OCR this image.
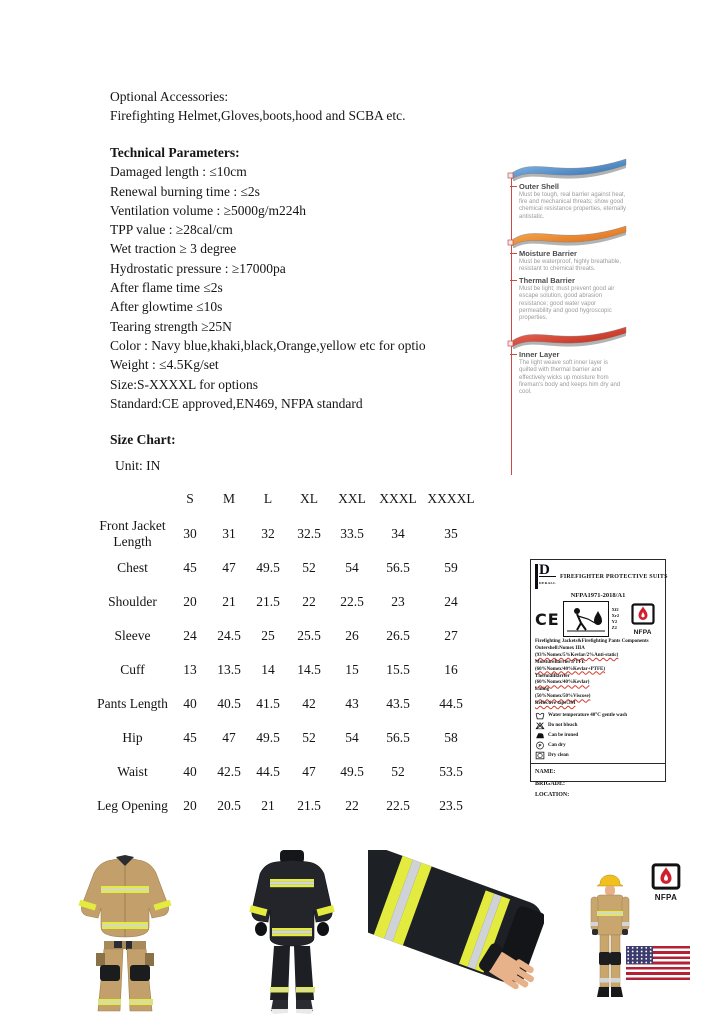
Optional Accessories:

Firefighting Helmet,Gloves,boots,hood and SCBA etc.

Technical Parameters:

Damaged length : ≤10cm

Renewal burning time : ≤2s

Ventilation volume : ≥5000g/m224h

TPP value : ≥28cal/cm

Wet traction ≥ 3 degree

Hydrostatic pressure : ≥17000pa

After flame time ≤2s

After glowtime ≤10s

Tearing strength ≥25N

Color : Navy blue,khaki,black,Orange,yellow etc for optio

Weight : ≤4.5Kg/set

Size:S-XXXXL for options

Standard:CE approved,EN469, NFPA standard

Outer Shell

Must be tough, real barrier against heat, fire and mechanical threats; show good chemical resistance properties, eternally antistatic.

Moisture Barrier

Must be waterproof, highly breathable, resistant to chemical threats.

Thermal Barrier

Must be light; must prevent good air escape solution, good abrasion resistance; good water vapor permeability and good hygroscopic properties.

Inner Layer

The light weave soft inner layer is quilted with thermal barrier and effectively wicks up moisture from fireman's body and keeps him dry and cool.

Size Chart:

Unit: IN

	S	M	L	XL	XXL	XXXL	XXXXL
Front Jacket Length	30	31	32	32.5	33.5	34	35
Chest	45	47	49.5	52	54	56.5	59
Shoulder	20	21	21.5	22	22.5	23	24
Sleeve	24	24.5	25	25.5	26	26.5	27
Cuff	13	13.5	14	14.5	15	15.5	16
Pants Length	40	40.5	41.5	42	43	43.5	44.5
Hip	45	47	49.5	52	54	56.5	58
Waist	40	42.5	44.5	47	49.5	52	53.5
Leg Opening	20	20.5	21	21.5	22	22.5	23.5
D
DERALL
FIREFIGHTER PROTECTIVE SUITS

NFPA1971-2018/A1

CE	Xf2

Xr2

Y2

Z2

NFPA

Firefighting Jackets&Firefighting Pants Components

Outershell:Nomex IIIA

(93%Nomex/5%Kevlar/2%Anti-static)

MoistureBarrier:PTFE

(60%Nomex/40%Kevlar+PTFE)

ThermalBarrier

(60%Nomex/40%Kevlar)

Lining

(50%Nomex/50%Viscose)

Reflective tape:3M

Water temperature 40°C gentle wash
Do not bleach
Can be ironed
P Can dry
Dry clean

NAME:

BRIGADE:

LOCATION:

NFPA
